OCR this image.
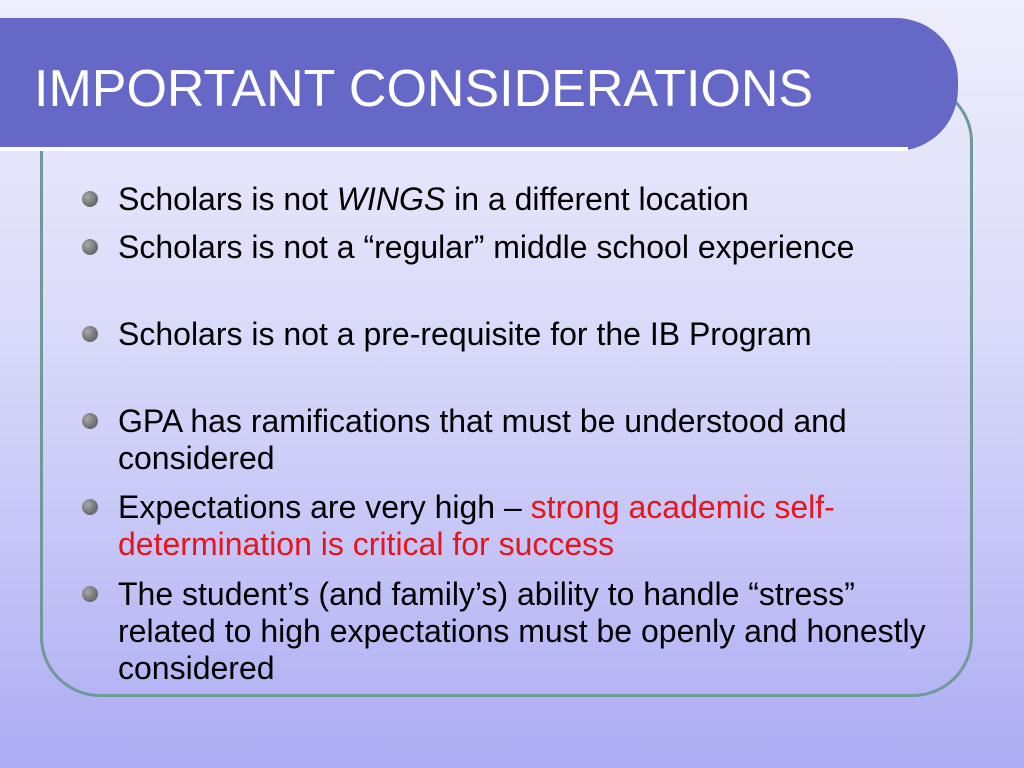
IMPORTANT CONSIDERATIONS
Scholars is not WINGS in a different location
Scholars is not a “regular” middle school experience
Scholars is not a pre-requisite for the IB Program
GPA has ramifications that must be understood and considered
Expectations are very high – strong academic self-determination is critical for success
The student’s (and family’s) ability to handle “stress” related to high expectations must be openly and honestly considered
